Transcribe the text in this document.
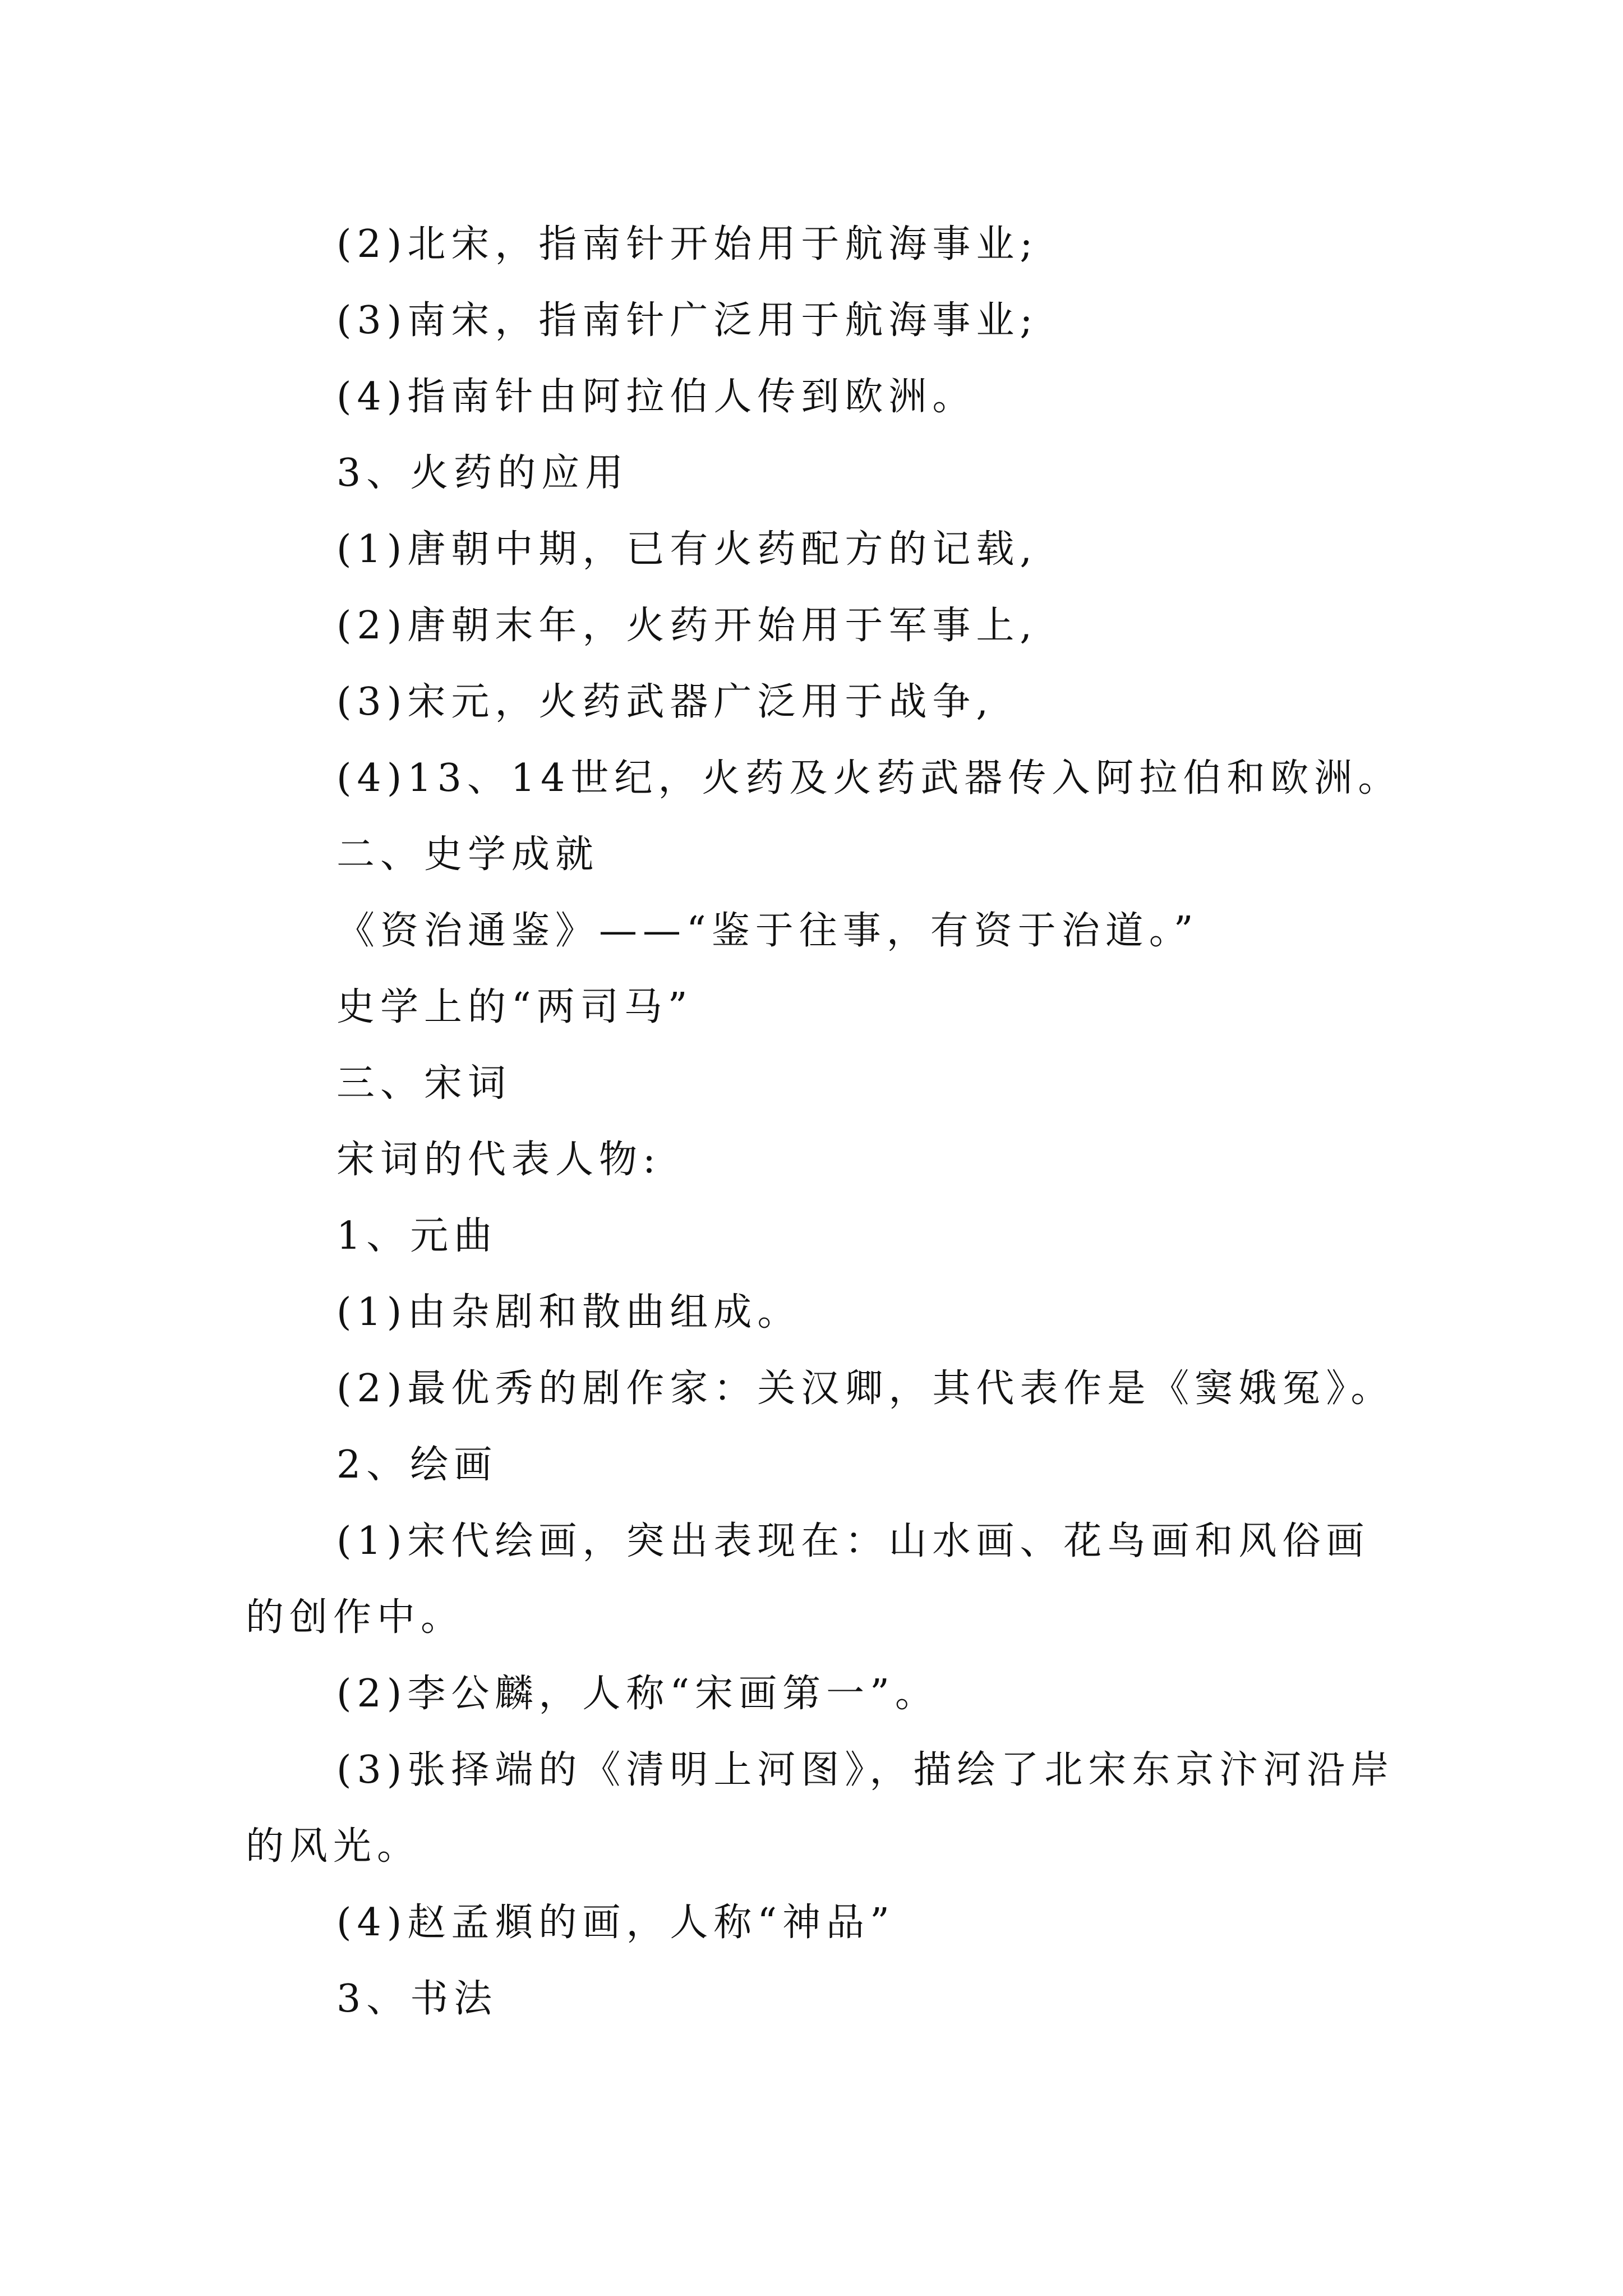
(2)北宋，指南针开始用于航海事业;
(3)南宋，指南针广泛用于航海事业;
(4)指南针由阿拉伯人传到欧洲。
3、火药的应用
(1)唐朝中期，已有火药配方的记载,
(2)唐朝末年，火药开始用于军事上,
(3)宋元，火药武器广泛用于战争,
(4)13、14世纪，火药及火药武器传入阿拉伯和欧洲。
二、史学成就
《资治通鉴》——“鉴于往事，有资于治道。”
史学上的“两司马”
三、宋词
宋词的代表人物:
1、元曲
(1)由杂剧和散曲组成。
(2)最优秀的剧作家：关汉卿，其代表作是《窦娥冤》。
2、绘画
(1)宋代绘画，突出表现在：山水画、花鸟画和风俗画
的创作中。
(2)李公麟，人称“宋画第一”。
(3)张择端的《清明上河图》，描绘了北宋东京汴河沿岸
的风光。
(4)赵孟頫的画，人称“神品”
3、书法
